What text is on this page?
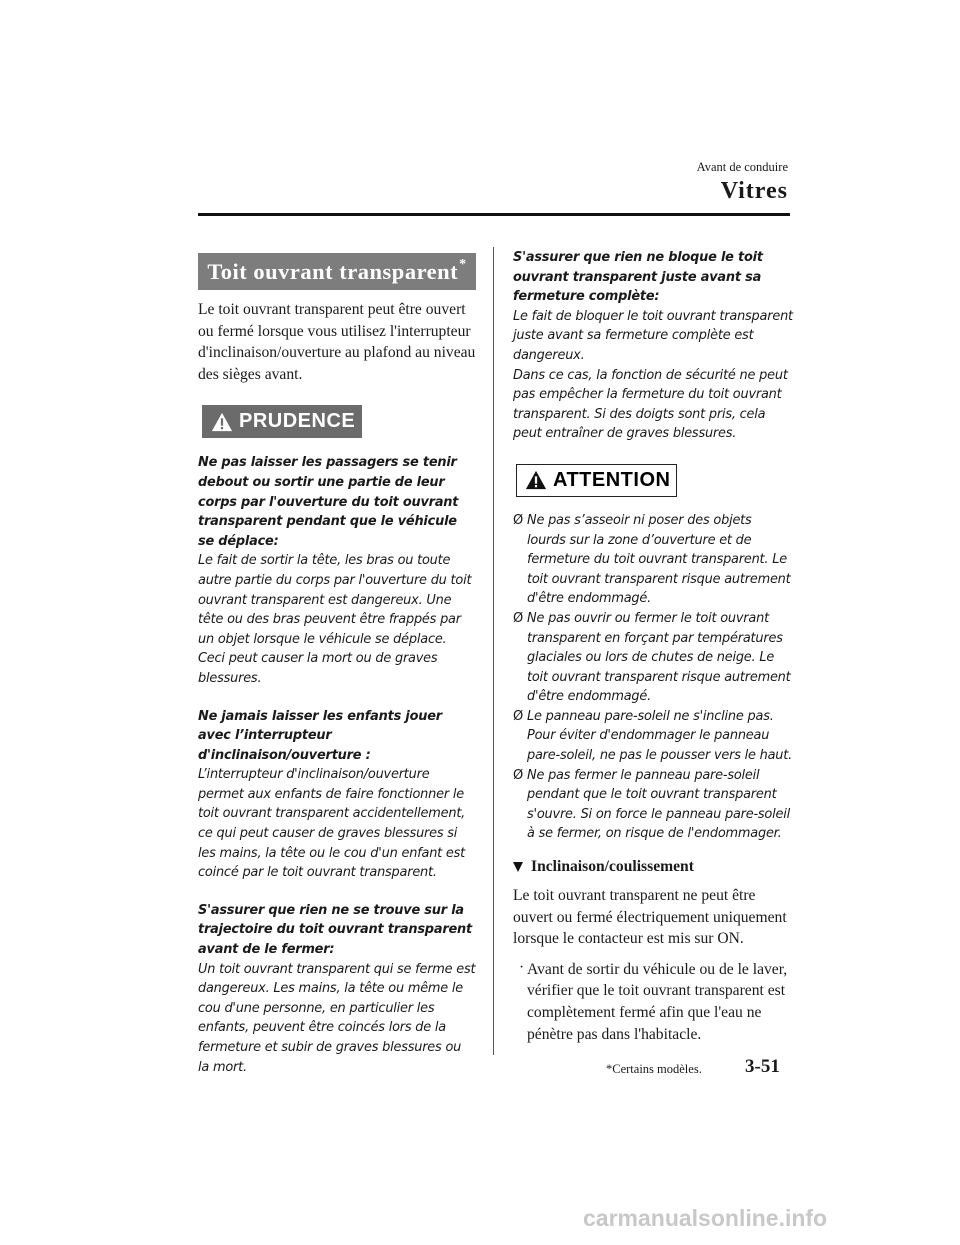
Avant de conduire
Vitres
Toit ouvrant transparent*

Le toit ouvrant transparent peut être ouvert ou fermé lorsque vous utilisez l'interrupteur d'inclinaison/ouverture au plafond au niveau des sièges avant.

PRUDENCE

Ne pas laisser les passagers se tenir debout ou sortir une partie de leur corps par l'ouverture du toit ouvrant transparent pendant que le véhicule se déplace:

Le fait de sortir la tête, les bras ou toute autre partie du corps par l'ouverture du toit ouvrant transparent est dangereux. Une tête ou des bras peuvent être frappés par un objet lorsque le véhicule se déplace. Ceci peut causer la mort ou de graves blessures.

Ne jamais laisser les enfants jouer avec l’interrupteur d'inclinaison/ouverture :

L’interrupteur d'inclinaison/ouverture permet aux enfants de faire fonctionner le toit ouvrant transparent accidentellement, ce qui peut causer de graves blessures si les mains, la tête ou le cou d'un enfant est coincé par le toit ouvrant transparent.

S'assurer que rien ne se trouve sur la trajectoire du toit ouvrant transparent avant de le fermer:

Un toit ouvrant transparent qui se ferme est dangereux. Les mains, la tête ou même le cou d'une personne, en particulier les enfants, peuvent être coincés lors de la fermeture et subir de graves blessures ou la mort.

S'assurer que rien ne bloque le toit ouvrant transparent juste avant sa fermeture complète:

Le fait de bloquer le toit ouvrant transparent juste avant sa fermeture complète est dangereux.

Dans ce cas, la fonction de sécurité ne peut pas empêcher la fermeture du toit ouvrant transparent. Si des doigts sont pris, cela peut entraîner de graves blessures.

ATTENTION
Ø Ne pas s’asseoir ni poser des objets lourds sur la zone d’ouverture et de fermeture du toit ouvrant transparent. Le toit ouvrant transparent risque autrement d'être endommagé.
Ø Ne pas ouvrir ou fermer le toit ouvrant transparent en forçant par températures glaciales ou lors de chutes de neige. Le toit ouvrant transparent risque autrement d'être endommagé.
Ø Le panneau pare-soleil ne s'incline pas. Pour éviter d'endommager le panneau pare-soleil, ne pas le pousser vers le haut.
Ø Ne pas fermer le panneau pare-soleil pendant que le toit ouvrant transparent s'ouvre. Si on force le panneau pare-soleil à se fermer, on risque de l'endommager.
Inclinaison/coulissement

Le toit ouvrant transparent ne peut être ouvert ou fermé électriquement uniquement lorsque le contacteur est mis sur ON.

· Avant de sortir du véhicule ou de le laver, vérifier que le toit ouvrant transparent est complètement fermé afin que l'eau ne pénètre pas dans l'habitacle.
*Certains modèles. 3-51
carmanualsonline.info
